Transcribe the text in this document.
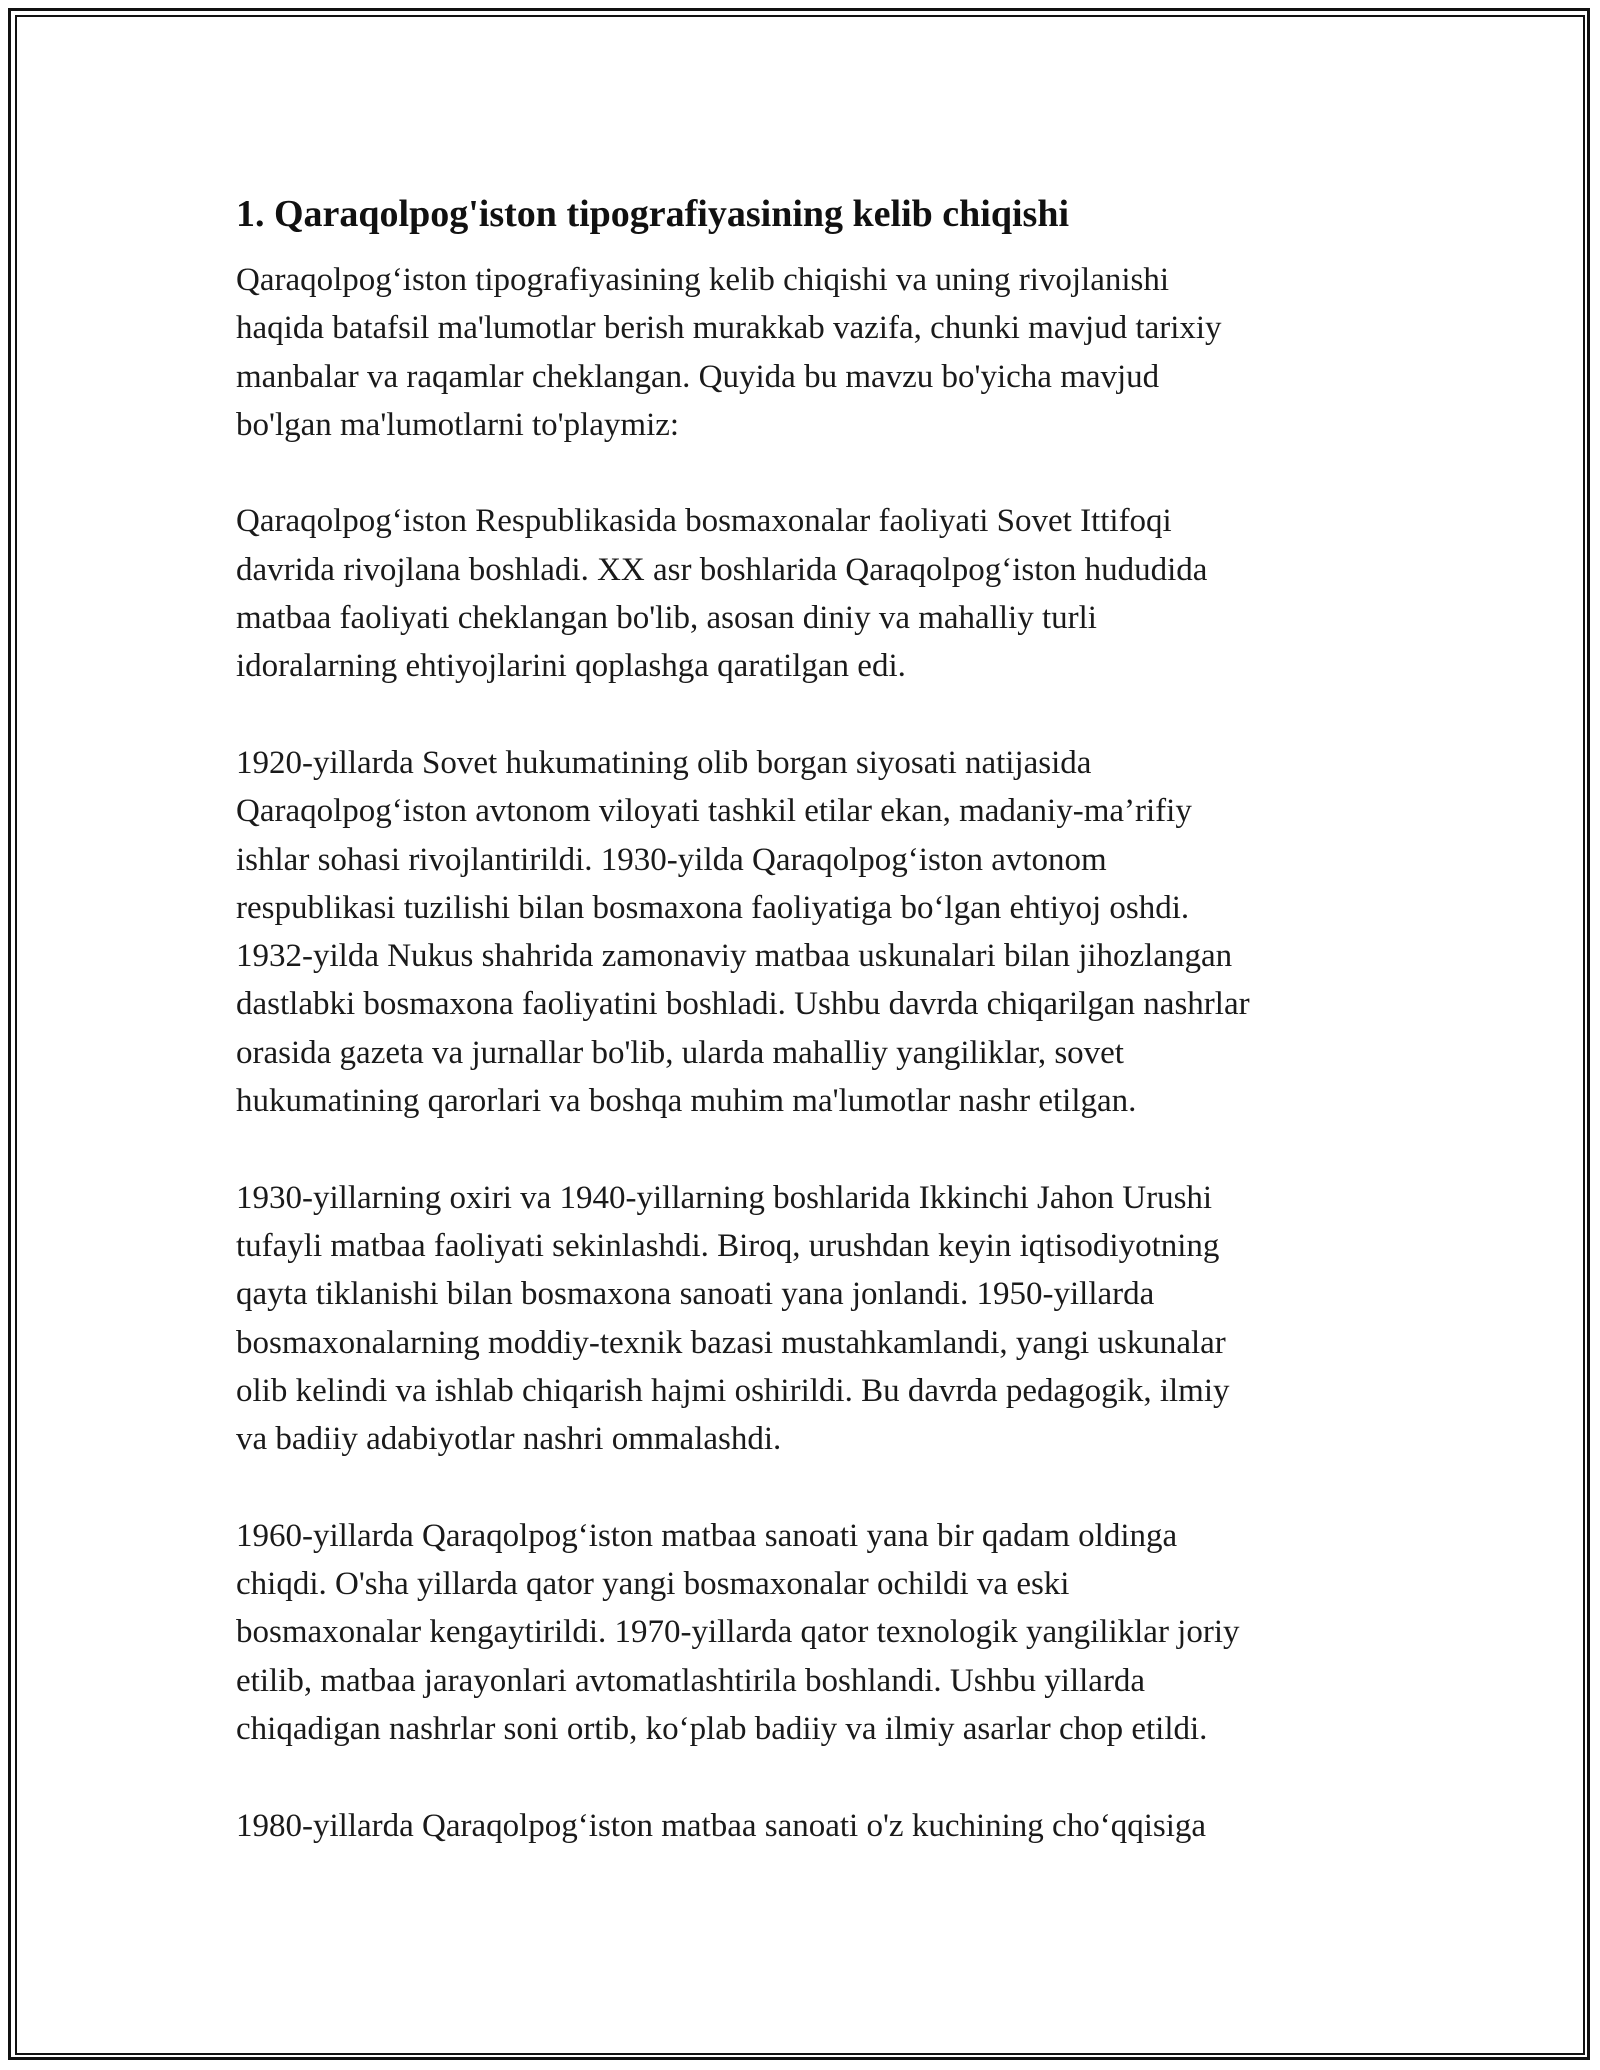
1. Qaraqolpog'iston tipografiyasining kelib chiqishi

Qaraqolpog‘iston tipografiyasining kelib chiqishi va uning rivojlanishi
haqida batafsil ma'lumotlar berish murakkab vazifa, chunki mavjud tarixiy
manbalar va raqamlar cheklangan. Quyida bu mavzu bo'yicha mavjud
bo'lgan ma'lumotlarni to'playmiz:

Qaraqolpog‘iston Respublikasida bosmaxonalar faoliyati Sovet Ittifoqi
davrida rivojlana boshladi. XX asr boshlarida Qaraqolpog‘iston hududida
matbaa faoliyati cheklangan bo'lib, asosan diniy va mahalliy turli
idoralarning ehtiyojlarini qoplashga qaratilgan edi.

1920-yillarda Sovet hukumatining olib borgan siyosati natijasida
Qaraqolpog‘iston avtonom viloyati tashkil etilar ekan, madaniy-ma’rifiy
ishlar sohasi rivojlantirildi. 1930-yilda Qaraqolpog‘iston avtonom
respublikasi tuzilishi bilan bosmaxona faoliyatiga bo‘lgan ehtiyoj oshdi.
1932-yilda Nukus shahrida zamonaviy matbaa uskunalari bilan jihozlangan
dastlabki bosmaxona faoliyatini boshladi. Ushbu davrda chiqarilgan nashrlar
orasida gazeta va jurnallar bo'lib, ularda mahalliy yangiliklar, sovet
hukumatining qarorlari va boshqa muhim ma'lumotlar nashr etilgan.

1930-yillarning oxiri va 1940-yillarning boshlarida Ikkinchi Jahon Urushi
tufayli matbaa faoliyati sekinlashdi. Biroq, urushdan keyin iqtisodiyotning
qayta tiklanishi bilan bosmaxona sanoati yana jonlandi. 1950-yillarda
bosmaxonalarning moddiy-texnik bazasi mustahkamlandi, yangi uskunalar
olib kelindi va ishlab chiqarish hajmi oshirildi. Bu davrda pedagogik, ilmiy
va badiiy adabiyotlar nashri ommalashdi.

1960-yillarda Qaraqolpog‘iston matbaa sanoati yana bir qadam oldinga
chiqdi. O'sha yillarda qator yangi bosmaxonalar ochildi va eski
bosmaxonalar kengaytirildi. 1970-yillarda qator texnologik yangiliklar joriy
etilib, matbaa jarayonlari avtomatlashtirila boshlandi. Ushbu yillarda
chiqadigan nashrlar soni ortib, ko‘plab badiiy va ilmiy asarlar chop etildi.

1980-yillarda Qaraqolpog‘iston matbaa sanoati o'z kuchining cho‘qqisiga
